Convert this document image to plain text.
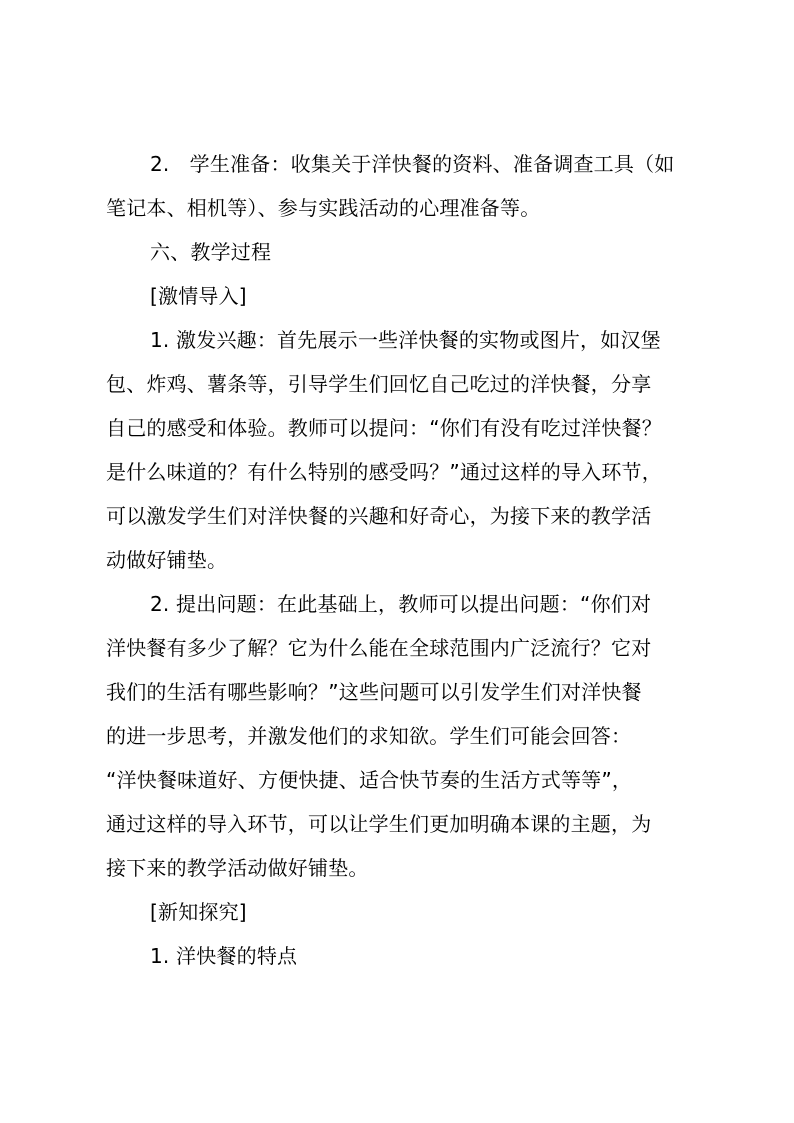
2.　学生准备：收集关于洋快餐的资料、准备调查工具（如
笔记本、相机等）、参与实践活动的心理准备等。
六、教学过程
[激情导入]
1. 激发兴趣：首先展示一些洋快餐的实物或图片，如汉堡
包、炸鸡、薯条等，引导学生们回忆自己吃过的洋快餐，分享
自己的感受和体验。教师可以提问：“你们有没有吃过洋快餐？
是什么味道的？有什么特别的感受吗？”通过这样的导入环节，
可以激发学生们对洋快餐的兴趣和好奇心，为接下来的教学活
动做好铺垫。
2. 提出问题：在此基础上，教师可以提出问题：“你们对
洋快餐有多少了解？它为什么能在全球范围内广泛流行？它对
我们的生活有哪些影响？”这些问题可以引发学生们对洋快餐
的进一步思考，并激发他们的求知欲。学生们可能会回答：
“洋快餐味道好、方便快捷、适合快节奏的生活方式等等”，
通过这样的导入环节，可以让学生们更加明确本课的主题，为
接下来的教学活动做好铺垫。
[新知探究]
1. 洋快餐的特点
